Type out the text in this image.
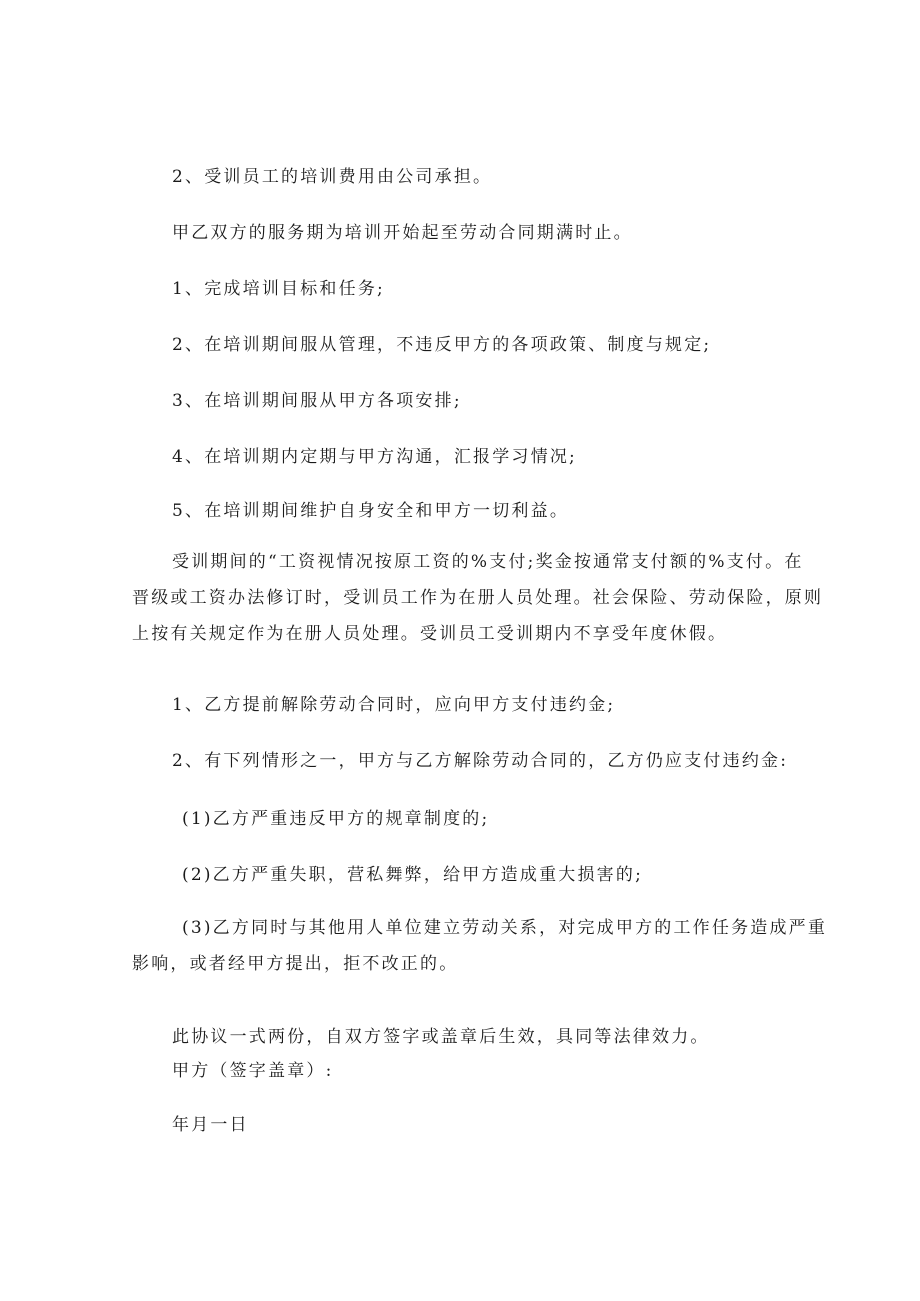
2、受训员工的培训费用由公司承担。
甲乙双方的服务期为培训开始起至劳动合同期满时止。
1、完成培训目标和任务;
2、在培训期间服从管理，不违反甲方的各项政策、制度与规定;
3、在培训期间服从甲方各项安排;
4、在培训期内定期与甲方沟通，汇报学习情况;
5、在培训期间维护自身安全和甲方一切利益。
受训期间的“工资视情况按原工资的%支付;奖金按通常支付额的%支付。在
晋级或工资办法修订时，受训员工作为在册人员处理。社会保险、劳动保险，原则
上按有关规定作为在册人员处理。受训员工受训期内不享受年度休假。
1、乙方提前解除劳动合同时，应向甲方支付违约金;
2、有下列情形之一，甲方与乙方解除劳动合同的，乙方仍应支付违约金:
(1)乙方严重违反甲方的规章制度的;
(2)乙方严重失职，营私舞弊，给甲方造成重大损害的;
(3)乙方同时与其他用人单位建立劳动关系，对完成甲方的工作任务造成严重
影响，或者经甲方提出，拒不改正的。
此协议一式两份，自双方签字或盖章后生效，具同等法律效力。
甲方（签字盖章）:
年月一日
